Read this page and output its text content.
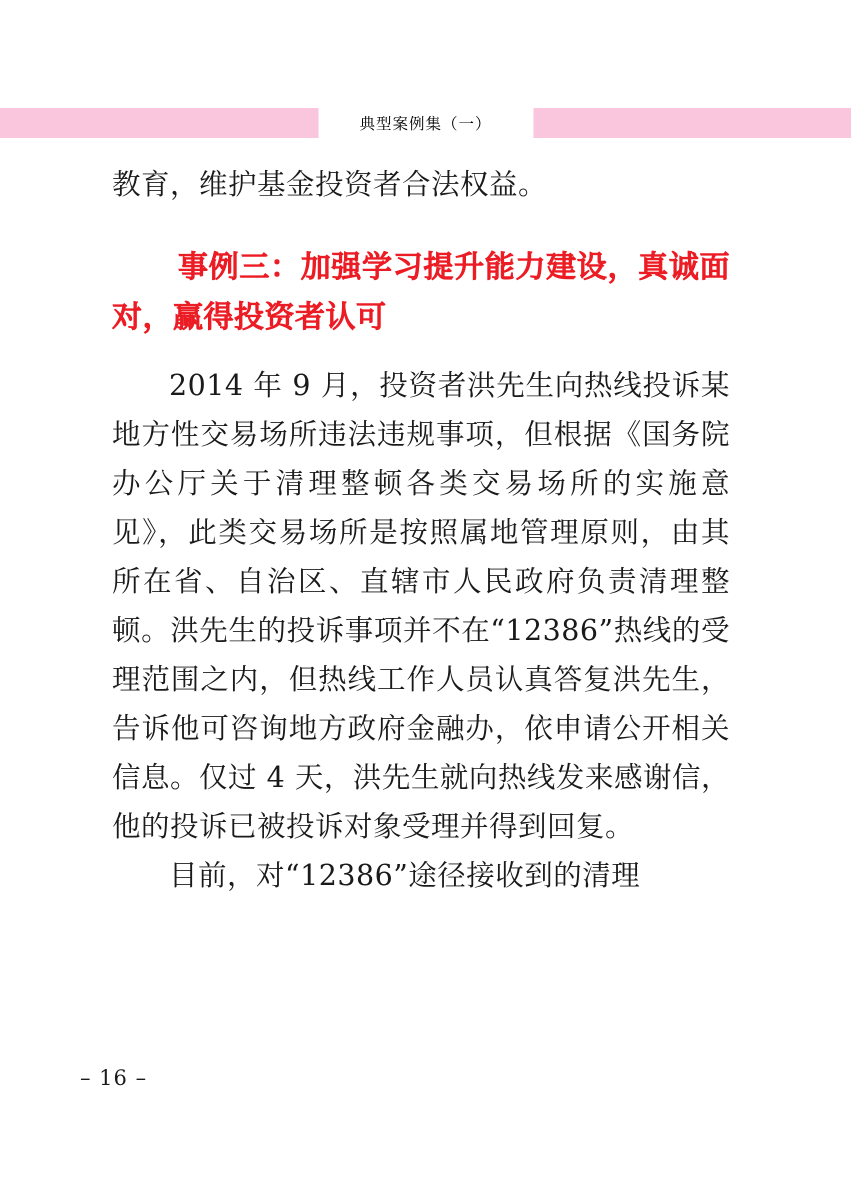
典型案例集（一）

教育，维护基金投资者合法权益。

事例三：加强学习提升能力建设，真诚面对，赢得投资者认可

2014 年 9 月，投资者洪先生向热线投诉某地方性交易场所违法违规事项，但根据《国务院办公厅关于清理整顿各类交易场所的实施意见》，此类交易场所是按照属地管理原则，由其所在省、自治区、直辖市人民政府负责清理整顿。洪先生的投诉事项并不在“12386”热线的受理范围之内，但热线工作人员认真答复洪先生，告诉他可咨询地方政府金融办，依申请公开相关信息。仅过 4 天，洪先生就向热线发来感谢信，他的投诉已被投诉对象受理并得到回复。

目前，对“12386”途径接收到的清理

– 16 –
